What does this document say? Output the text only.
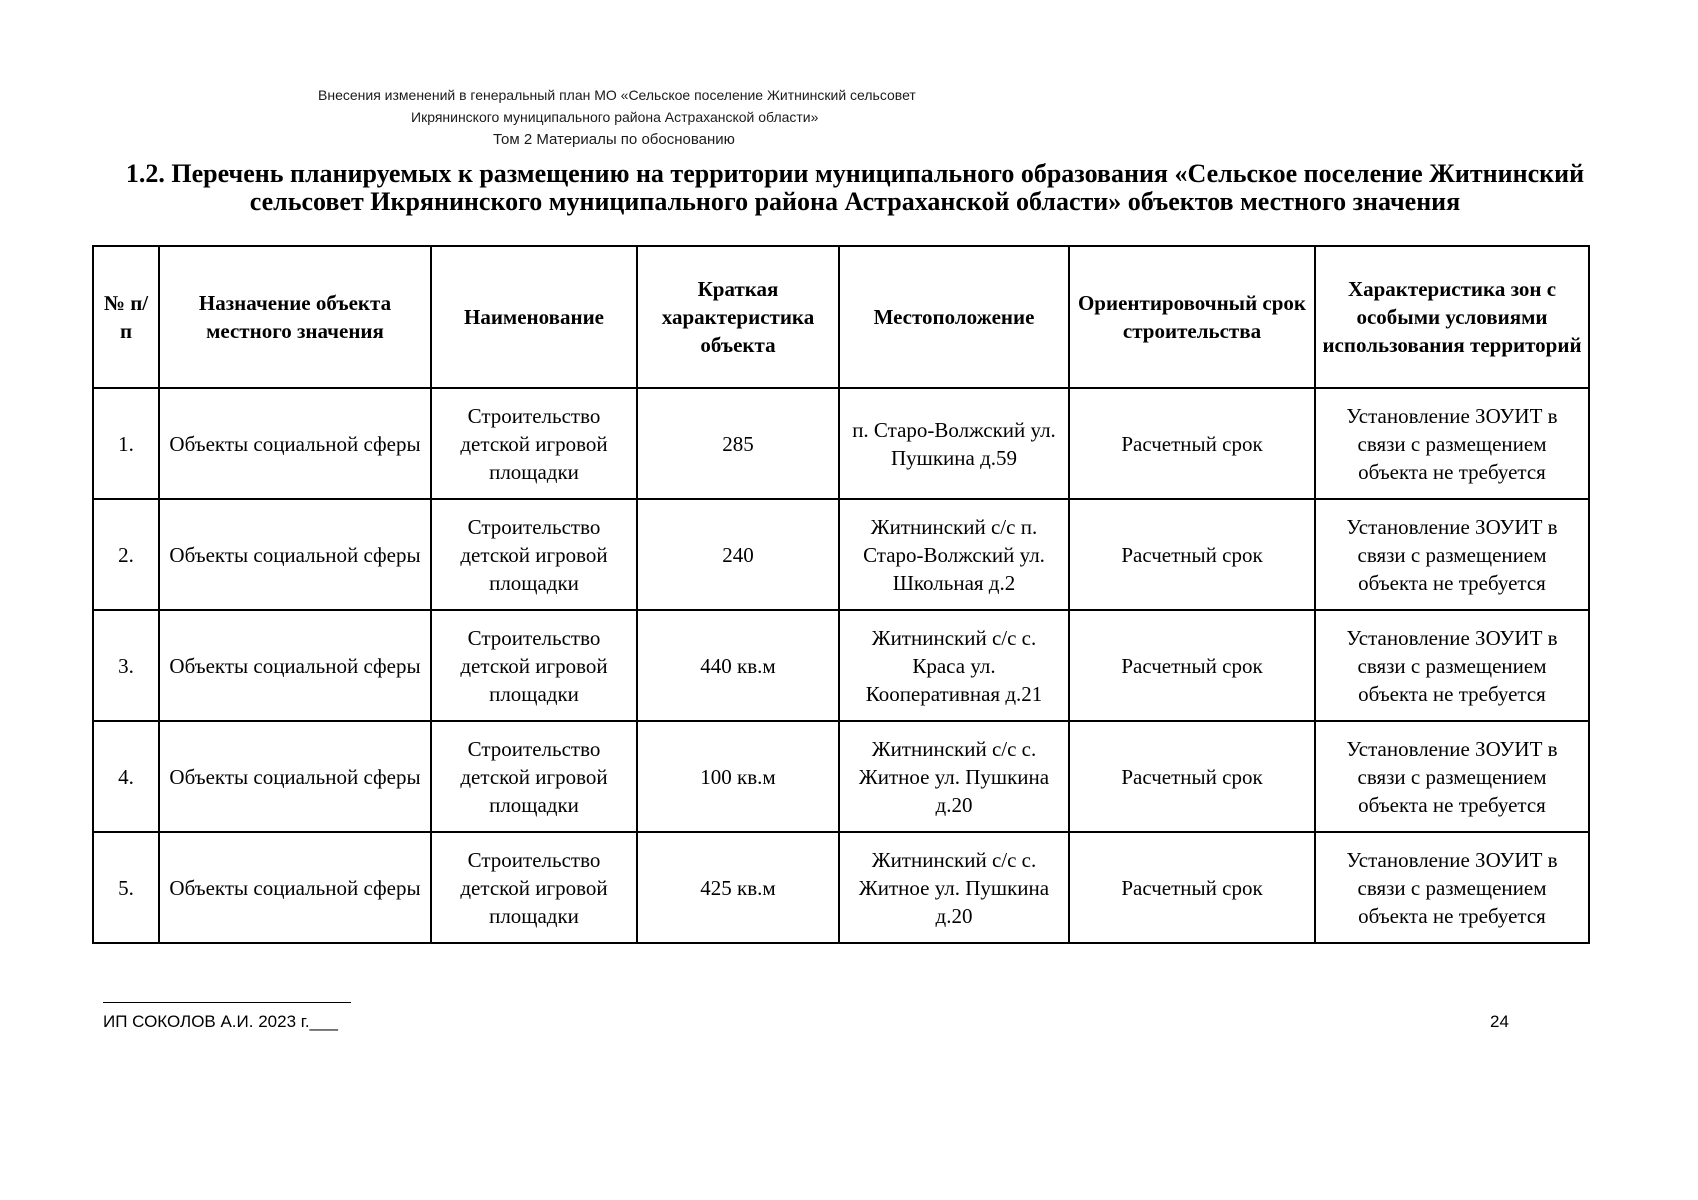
Внесения изменений в генеральный план МО «Сельское поселение Житнинский сельсовет
Икрянинского муниципального района Астраханской области»
Том 2 Материалы по обоснованию
1.2. Перечень планируемых к размещению на территории муниципального образования «Сельское поселение Житнинский сельсовет Икрянинского муниципального района Астраханской области» объектов местного значения
№ п/п	Назначение объекта местного значения	Наименование	Краткая характеристика объекта	Местоположение	Ориентировочный срок строительства	Характеристика зон с особыми условиями использования территорий
1.	Объекты социальной сферы	Строительство детской игровой площадки	285	п. Старо-Волжский ул. Пушкина д.59	Расчетный срок	Установление ЗОУИТ в связи с размещением объекта не требуется
2.	Объекты социальной сферы	Строительство детской игровой площадки	240	Житнинский с/с п. Старо-Волжский ул. Школьная д.2	Расчетный срок	Установление ЗОУИТ в связи с размещением объекта не требуется
3.	Объекты социальной сферы	Строительство детской игровой площадки	440 кв.м	Житнинский с/с с. Краса ул. Кооперативная д.21	Расчетный срок	Установление ЗОУИТ в связи с размещением объекта не требуется
4.	Объекты социальной сферы	Строительство детской игровой площадки	100 кв.м	Житнинский с/с с. Житное ул. Пушкина д.20	Расчетный срок	Установление ЗОУИТ в связи с размещением объекта не требуется
5.	Объекты социальной сферы	Строительство детской игровой площадки	425 кв.м	Житнинский с/с с. Житное ул. Пушкина д.20	Расчетный срок	Установление ЗОУИТ в связи с размещением объекта не требуется
ИП СОКОЛОВ А.И. 2023 г.___	24
